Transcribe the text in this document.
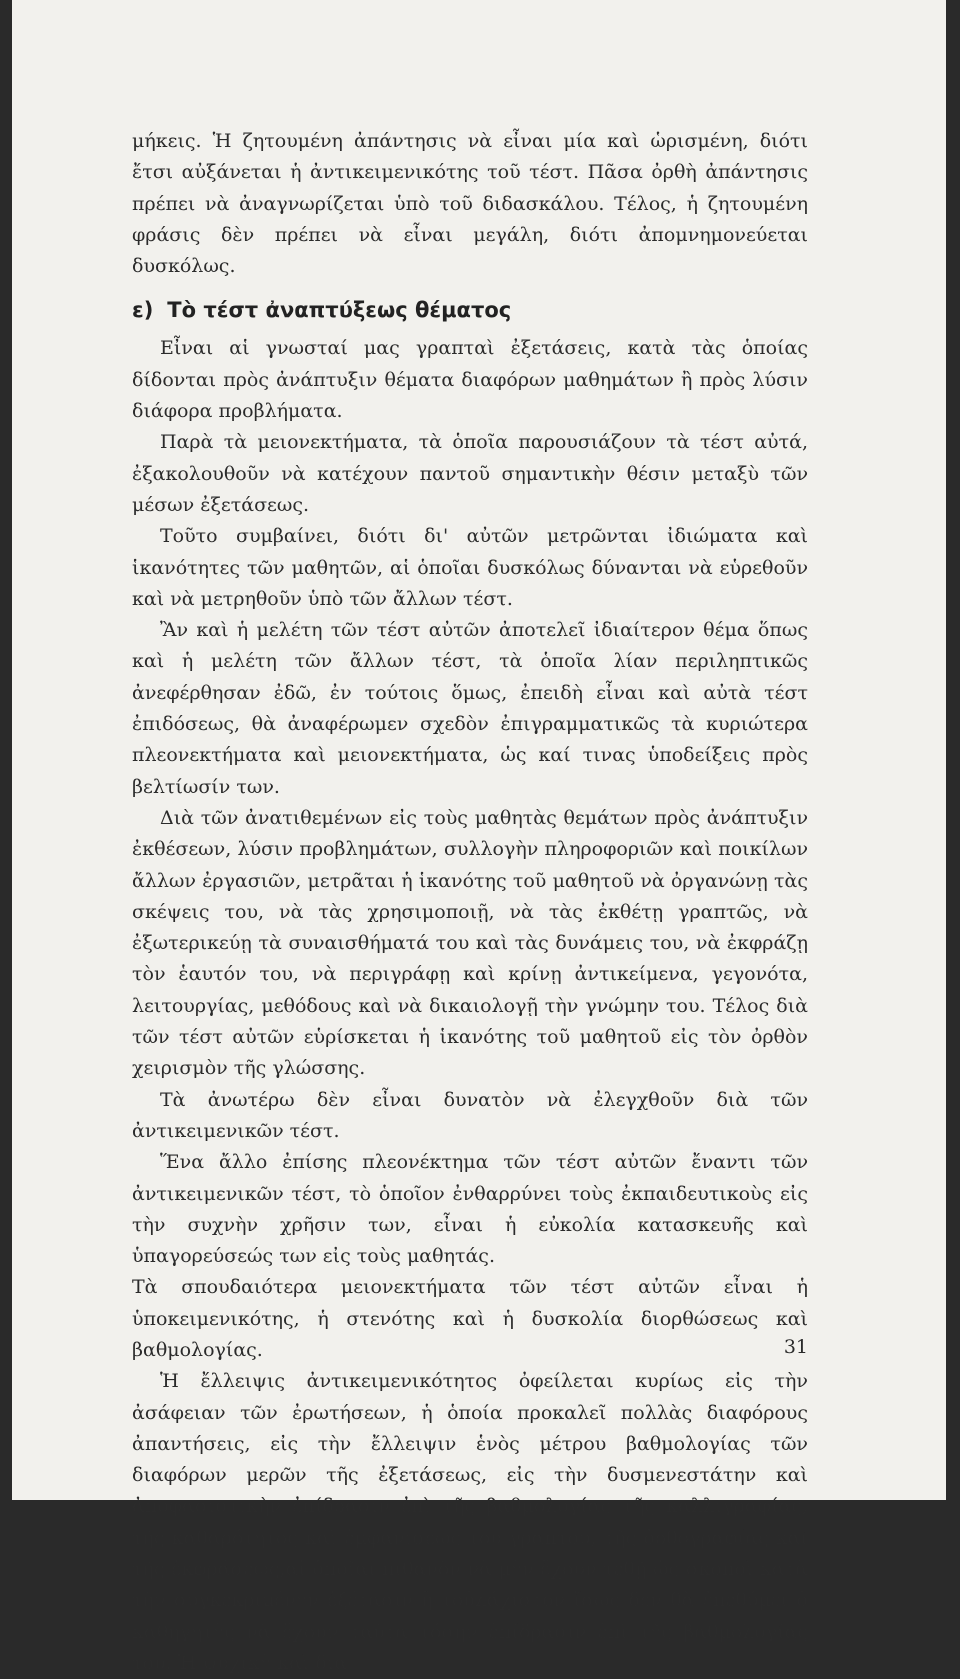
μήκεις. Ἡ ζητουμένη ἀπάντησις νὰ εἶναι μία καὶ ὡρισμένη, διότι ἔτσι αὐξάνεται ἡ ἀντικειμενικότης τοῦ τέστ. Πᾶσα ὀρθὴ ἀπάντησις πρέπει νὰ ἀναγνωρίζεται ὑπὸ τοῦ διδασκάλου. Τέλος, ἡ ζητουμένη φράσις δὲν πρέπει νὰ εἶναι μεγάλη, διότι ἀπομνημονεύεται δυσκόλως.

ε) Τὸ τέστ ἀναπτύξεως θέματος

Εἶναι αἱ γνωσταί μας γραπταὶ ἐξετάσεις, κατὰ τὰς ὁποίας δίδονται πρὸς ἀνάπτυξιν θέματα διαφόρων μαθημάτων ἢ πρὸς λύσιν διάφορα προβλήματα.

Παρὰ τὰ μειονεκτήματα, τὰ ὁποῖα παρουσιάζουν τὰ τέστ αὐτά, ἐξακολουθοῦν νὰ κατέχουν παντοῦ σημαντικὴν θέσιν μεταξὺ τῶν μέσων ἐξετάσεως.

Τοῦτο συμβαίνει, διότι δι' αὐτῶν μετρῶνται ἰδιώματα καὶ ἱκανότητες τῶν μαθητῶν, αἱ ὁποῖαι δυσκόλως δύνανται νὰ εὑρεθοῦν καὶ νὰ μετρηθοῦν ὑπὸ τῶν ἄλλων τέστ.

Ἂν καὶ ἡ μελέτη τῶν τέστ αὐτῶν ἀποτελεῖ ἰδιαίτερον θέμα ὅπως καὶ ἡ μελέτη τῶν ἄλλων τέστ, τὰ ὁποῖα λίαν περιληπτικῶς ἀνεφέρθησαν ἐδῶ, ἐν τούτοις ὅμως, ἐπειδὴ εἶναι καὶ αὐτὰ τέστ ἐπιδόσεως, θὰ ἀναφέρωμεν σχεδὸν ἐπιγραμματικῶς τὰ κυριώτερα πλεονεκτήματα καὶ μειονεκτήματα, ὡς καί τινας ὑποδείξεις πρὸς βελτίωσίν των.

Διὰ τῶν ἀνατιθεμένων εἰς τοὺς μαθητὰς θεμάτων πρὸς ἀνάπτυξιν ἐκθέσεων, λύσιν προβλημάτων, συλλογὴν πληροφοριῶν καὶ ποικίλων ἄλλων ἐργασιῶν, μετρᾶται ἡ ἱκανότης τοῦ μαθητοῦ νὰ ὀργανώνῃ τὰς σκέψεις του, νὰ τὰς χρησιμοποιῇ, νὰ τὰς ἐκθέτῃ γραπτῶς, νὰ ἐξωτερικεύῃ τὰ συναισθήματά του καὶ τὰς δυνάμεις του, νὰ ἐκφράζῃ τὸν ἑαυτόν του, νὰ περιγράφῃ καὶ κρίνῃ ἀντικείμενα, γεγονότα, λειτουργίας, μεθόδους καὶ νὰ δικαιολογῇ τὴν γνώμην του. Τέλος διὰ τῶν τέστ αὐτῶν εὑρίσκεται ἡ ἱκανότης τοῦ μαθητοῦ εἰς τὸν ὀρθὸν χειρισμὸν τῆς γλώσσης.

Τὰ ἀνωτέρω δὲν εἶναι δυνατὸν νὰ ἐλεγχθοῦν διὰ τῶν ἀντικειμενικῶν τέστ.

Ἕνα ἄλλο ἐπίσης πλεονέκτημα τῶν τέστ αὐτῶν ἔναντι τῶν ἀντικειμενικῶν τέστ, τὸ ὁποῖον ἐνθαρρύνει τοὺς ἐκπαιδευτικοὺς εἰς τὴν συχνὴν χρῆσιν των, εἶναι ἡ εὐκολία κατασκευῆς καὶ ὑπαγορεύσεώς των εἰς τοὺς μαθητάς.

Τὰ σπουδαιότερα μειονεκτήματα τῶν τέστ αὐτῶν εἶναι ἡ ὑποκειμενικότης, ἡ στενότης καὶ ἡ δυσκολία διορθώσεως καὶ βαθμολογίας.

Ἡ ἔλλειψις ἀντικειμενικότητος ὀφείλεται κυρίως εἰς τὴν ἀσάφειαν τῶν ἐρωτήσεων, ἡ ὁποία προκαλεῖ πολλὰς διαφόρους ἀπαντήσεις, εἰς τὴν ἔλλειψιν ἑνὸς μέτρου βαθμολογίας τῶν διαφόρων μερῶν τῆς ἐξετάσεως, εἰς τὴν δυσμενεστάτην καὶ ἀποφασιστικὴν ἐπίδρασιν ἐπὶ τῆς βαθμολογίας τῆς καλλιγραφίας, τῆς καθαρότητος καὶ ἐμφανίσεως τοῦ γραπτοῦ, τῆς ὀρθογραφίας καὶ τῆς ἐκφράσεως,αἱ ὁποῖαι πιθανὸν νὰ μὴν ἔχουν τεθῇ ὡς σκοποὶ κατὰ τὴν συγκεκριμένην ἐξέτασιν ἢ τοὐλάχιστον ἴσως δὲν θὰ ἐπεθύμει ὁ καθηγητὴς νὰ ἔχουν ταῦτα τόσην ἐπίδρασιν ἐπὶ τῆς βαθμολογίας του. Ἡ ψυχικὴ καὶ δια-

31
